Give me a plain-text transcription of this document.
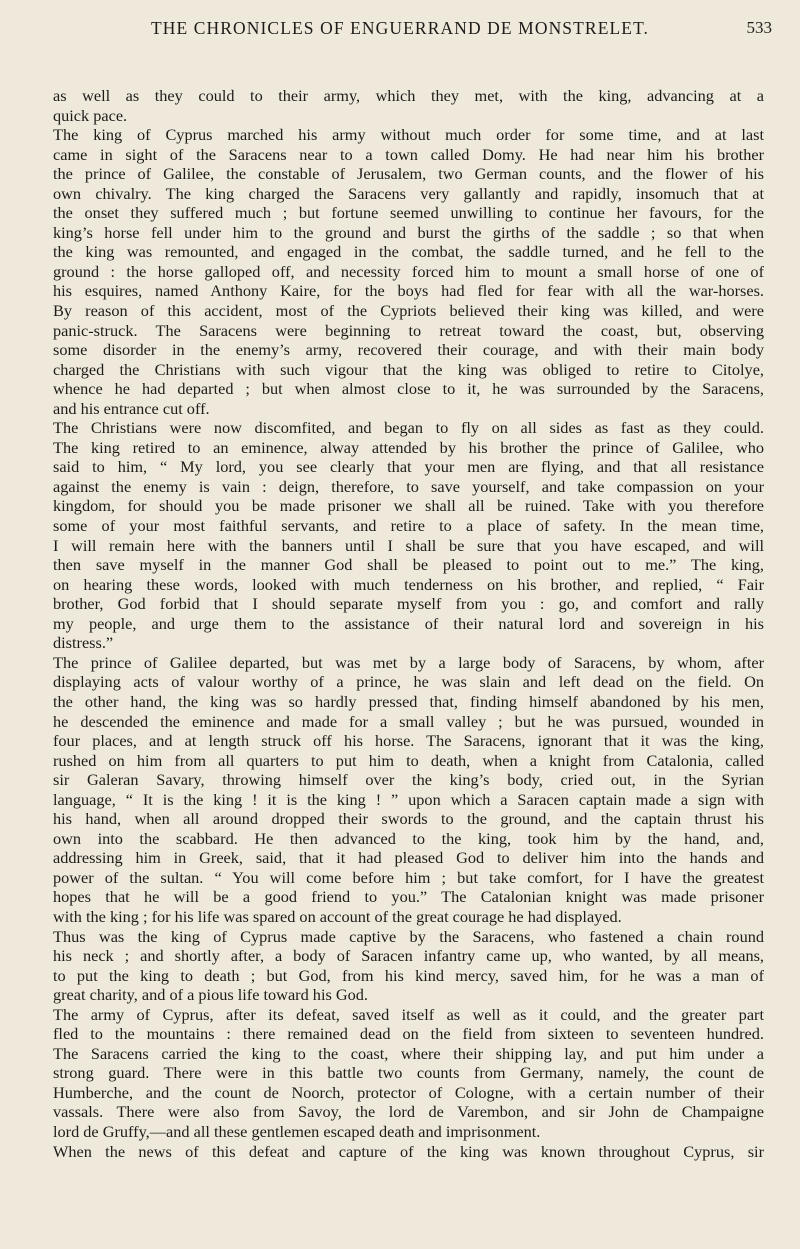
THE CHRONICLES OF ENGUERRAND DE MONSTRELET.	533
as well as they could to their army, which they met, with the king, advancing at a
quick pace.
The king of Cyprus marched his army without much order for some time, and at last
came in sight of the Saracens near to a town called Domy. He had near him his brother
the prince of Galilee, the constable of Jerusalem, two German counts, and the flower of his
own chivalry. The king charged the Saracens very gallantly and rapidly, insomuch that at
the onset they suffered much ; but fortune seemed unwilling to continue her favours, for the
king’s horse fell under him to the ground and burst the girths of the saddle ; so that when
the king was remounted, and engaged in the combat, the saddle turned, and he fell to the
ground : the horse galloped off, and necessity forced him to mount a small horse of one of
his esquires, named Anthony Kaire, for the boys had fled for fear with all the war-horses.
By reason of this accident, most of the Cypriots believed their king was killed, and were
panic-struck. The Saracens were beginning to retreat toward the coast, but, observing
some disorder in the enemy’s army, recovered their courage, and with their main body
charged the Christians with such vigour that the king was obliged to retire to Citolye,
whence he had departed ; but when almost close to it, he was surrounded by the Saracens,
and his entrance cut off.
The Christians were now discomfited, and began to fly on all sides as fast as they could.
The king retired to an eminence, alway attended by his brother the prince of Galilee, who
said to him, “ My lord, you see clearly that your men are flying, and that all resistance
against the enemy is vain : deign, therefore, to save yourself, and take compassion on your
kingdom, for should you be made prisoner we shall all be ruined. Take with you therefore
some of your most faithful servants, and retire to a place of safety. In the mean time,
I will remain here with the banners until I shall be sure that you have escaped, and will
then save myself in the manner God shall be pleased to point out to me.” The king,
on hearing these words, looked with much tenderness on his brother, and replied, “ Fair
brother, God forbid that I should separate myself from you : go, and comfort and rally
my people, and urge them to the assistance of their natural lord and sovereign in his
distress.”
The prince of Galilee departed, but was met by a large body of Saracens, by whom, after
displaying acts of valour worthy of a prince, he was slain and left dead on the field. On
the other hand, the king was so hardly pressed that, finding himself abandoned by his men,
he descended the eminence and made for a small valley ; but he was pursued, wounded in
four places, and at length struck off his horse. The Saracens, ignorant that it was the king,
rushed on him from all quarters to put him to death, when a knight from Catalonia, called
sir Galeran Savary, throwing himself over the king’s body, cried out, in the Syrian
language, “ It is the king ! it is the king ! ” upon which a Saracen captain made a sign with
his hand, when all around dropped their swords to the ground, and the captain thrust his
own into the scabbard. He then advanced to the king, took him by the hand, and,
addressing him in Greek, said, that it had pleased God to deliver him into the hands and
power of the sultan. “ You will come before him ; but take comfort, for I have the greatest
hopes that he will be a good friend to you.” The Catalonian knight was made prisoner
with the king ; for his life was spared on account of the great courage he had displayed.
Thus was the king of Cyprus made captive by the Saracens, who fastened a chain round
his neck ; and shortly after, a body of Saracen infantry came up, who wanted, by all means,
to put the king to death ; but God, from his kind mercy, saved him, for he was a man of
great charity, and of a pious life toward his God.
The army of Cyprus, after its defeat, saved itself as well as it could, and the greater part
fled to the mountains : there remained dead on the field from sixteen to seventeen hundred.
The Saracens carried the king to the coast, where their shipping lay, and put him under a
strong guard. There were in this battle two counts from Germany, namely, the count de
Humberche, and the count de Noorch, protector of Cologne, with a certain number of their
vassals. There were also from Savoy, the lord de Varembon, and sir John de Champaigne
lord de Gruffy,—and all these gentlemen escaped death and imprisonment.
When the news of this defeat and capture of the king was known throughout Cyprus, sir
